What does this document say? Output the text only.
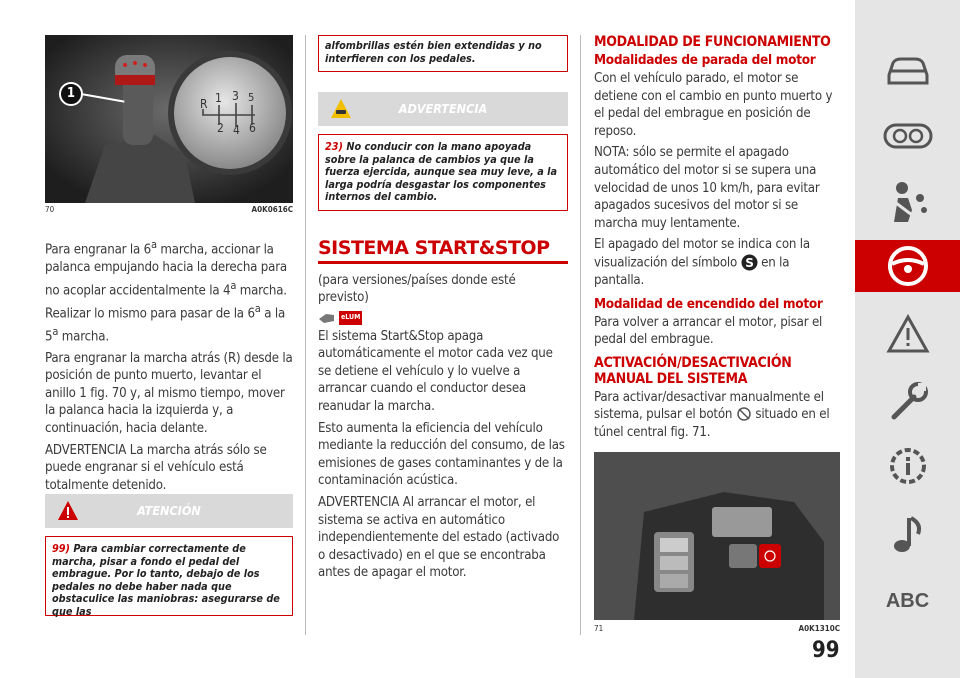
1
R 1 3 5
2 4 6
70	A0K0616C

Para engranar la 6$^a$ marcha, accionar la palanca empujando hacia la derecha para no acoplar accidentalmente la 4$^a$ marcha. Realizar lo mismo para pasar de la 6$^a$ a la 5$^a$ marcha.

Para engranar la marcha atrás (R) desde la posición de punto muerto, levantar el anillo 1 fig. 70 y, al mismo tiempo, mover la palanca hacia la izquierda y, a continuación, hacia delante.

ADVERTENCIA La marcha atrás sólo se puede engranar si el vehículo está totalmente detenido.

ATENCIÓN
99) Para cambiar correctamente de marcha, pisar a fondo el pedal del embrague. Por lo tanto, debajo de los pedales no debe haber nada que obstaculice las maniobras: asegurarse de que las
alfombrillas estén bien extendidas y no interfieren con los pedales.
ADVERTENCIA
23) No conducir con la mano apoyada sobre la palanca de cambios ya que la fuerza ejercida, aunque sea muy leve, a la larga podría desgastar los componentes internos del cambio.
SISTEMA START&STOP

(para versiones/países donde esté previsto)

eLUM

El sistema Start&Stop apaga automáticamente el motor cada vez que se detiene el vehículo y lo vuelve a arrancar cuando el conductor desea reanudar la marcha.

Esto aumenta la eficiencia del vehículo mediante la reducción del consumo, de las emisiones de gases contaminantes y de la contaminación acústica.

ADVERTENCIA Al arrancar el motor, el sistema se activa en automático independientemente del estado (activado o desactivado) en el que se encontraba antes de apagar el motor.

MODALIDAD DE FUNCIONAMIENTO
Modalidades de parada del motor

Con el vehículo parado, el motor se detiene con el cambio en punto muerto y el pedal del embrague en posición de reposo.

NOTA: sólo se permite el apagado automático del motor si se supera una velocidad de unos 10 km/h, para evitar apagados sucesivos del motor si se marcha muy lentamente.

El apagado del motor se indica con la visualización del símbolo S en la pantalla.

Modalidad de encendido del motor

Para volver a arrancar el motor, pisar el pedal del embrague.

ACTIVACIÓN/DESACTIVACIÓN MANUAL DEL SISTEMA

Para activar/desactivar manualmente el sistema, pulsar el botón  situado en el túnel central fig. 71.

71	A0K1310C
99
ABC
